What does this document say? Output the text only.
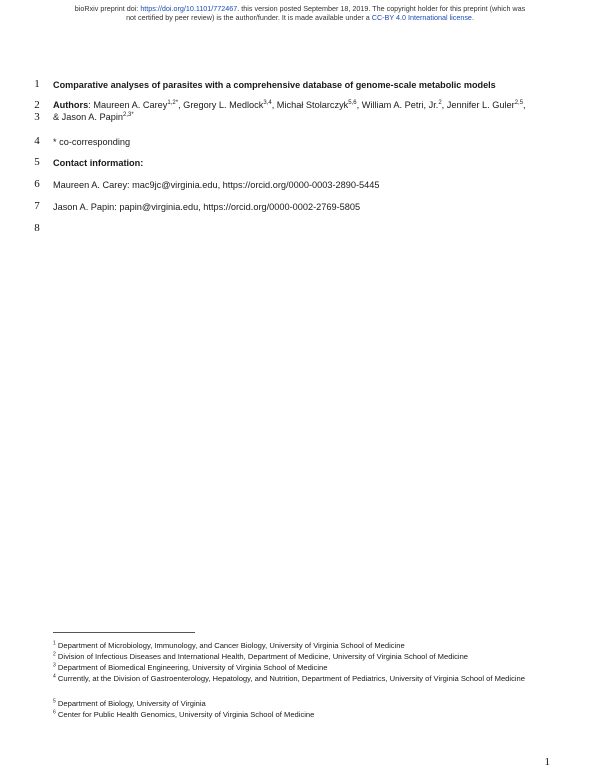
bioRxiv preprint doi: https://doi.org/10.1101/772467. this version posted September 18, 2019. The copyright holder for this preprint (which was
not certified by peer review) is the author/funder. It is made available under a CC-BY 4.0 International license.
1
2
3
4
5
6
7
8
Comparative analyses of parasites with a comprehensive database of genome-scale metabolic models
Authors: Maureen A. Carey$^{1,2*}$, Gregory L. Medlock$^{3,4}$, Michał Stolarczyk$^{5,6}$, William A. Petri, Jr.$^2$, Jennifer L. Guler$^{2,5}$,
& Jason A. Papin$^{2,3*}$
* co-corresponding
Contact information:
Maureen A. Carey: mac9jc@virginia.edu, https://orcid.org/0000-0003-2890-5445
Jason A. Papin: papin@virginia.edu, https://orcid.org/0000-0002-2769-5805
$^1$ Department of Microbiology, Immunology, and Cancer Biology, University of Virginia School of Medicine
$^2$ Division of Infectious Diseases and International Health, Department of Medicine, University of Virginia School of Medicine
$^3$ Department of Biomedical Engineering, University of Virginia School of Medicine
$^4$ Currently, at the Division of Gastroenterology, Hepatology, and Nutrition, Department of Pediatrics, University of Virginia School of Medicine
$^5$ Department of Biology, University of Virginia
$^6$ Center for Public Health Genomics, University of Virginia School of Medicine
1
